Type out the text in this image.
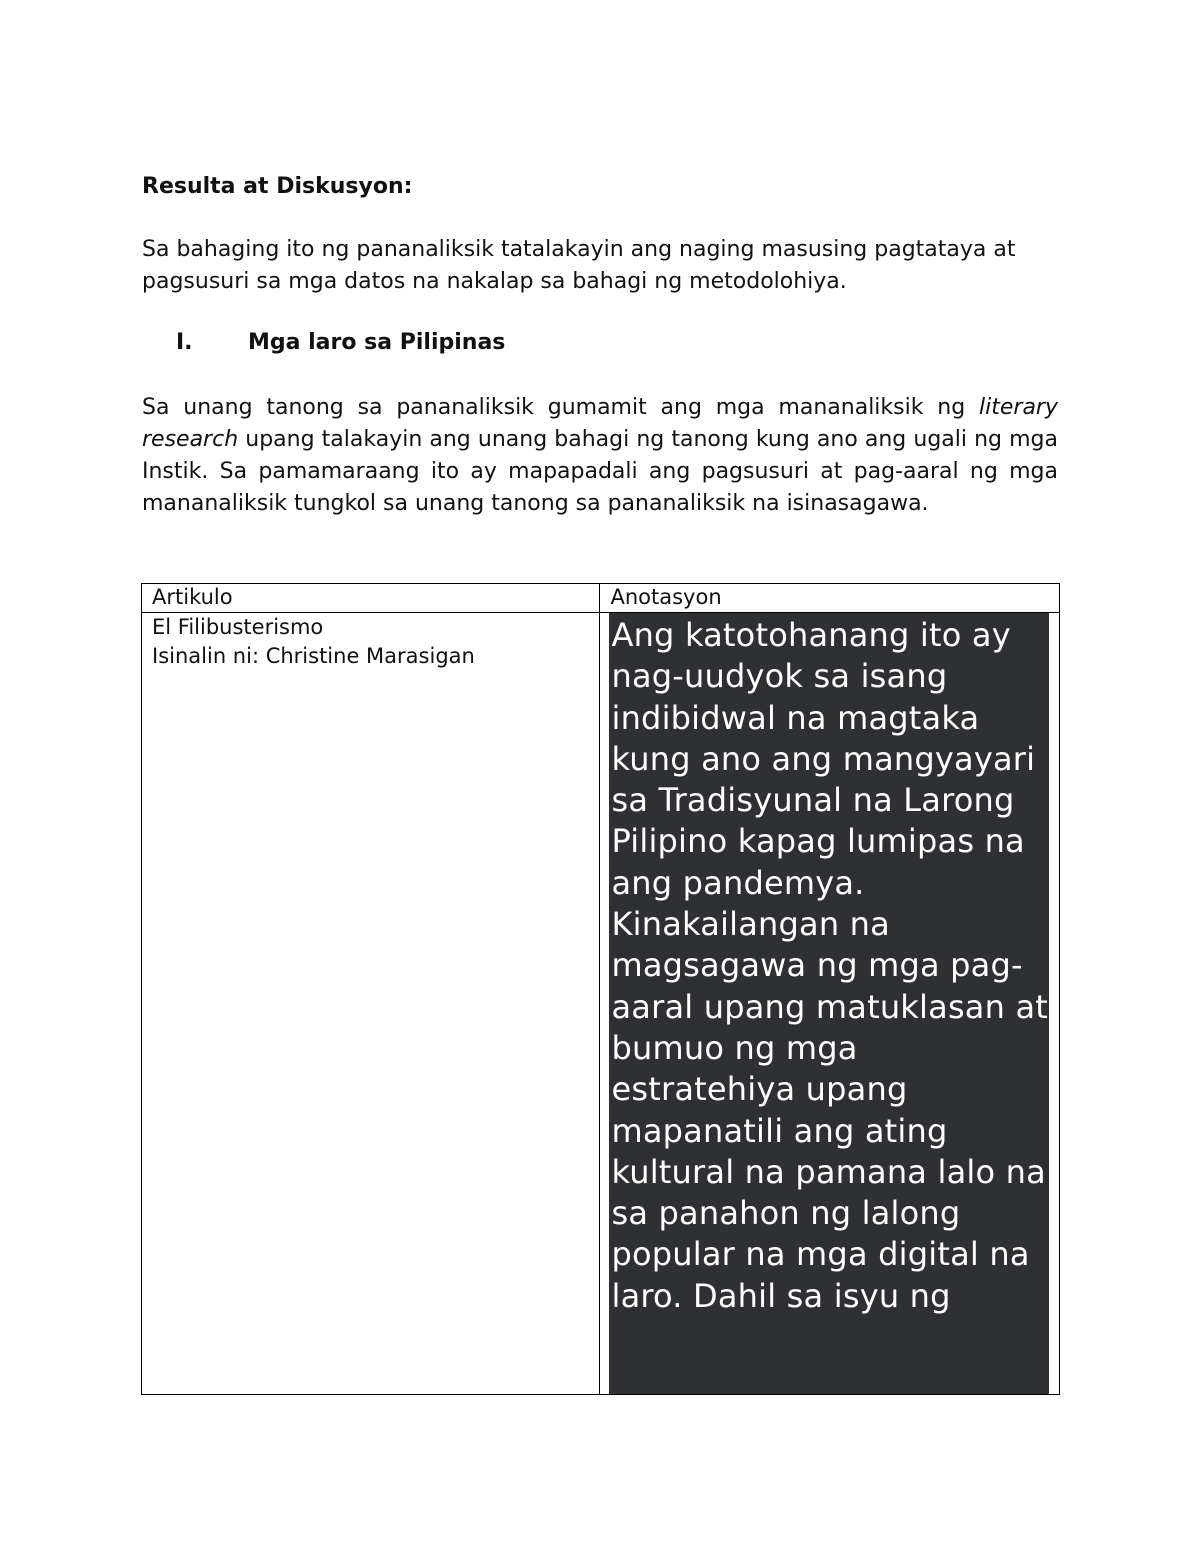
Resulta at Diskusyon:

Sa bahaging ito ng pananaliksik tatalakayin ang naging masusing pagtataya at pagsusuri sa mga datos na nakalap sa bahagi ng metodolohiya.

I.	Mga laro sa Pilipinas

Sa unang tanong sa pananaliksik gumamit ang mga mananaliksik ng literary research upang talakayin ang unang bahagi ng tanong kung ano ang ugali ng mga Instik. Sa pamamaraang ito ay mapapadali ang pagsusuri at pag-aaral ng mga mananaliksik tungkol sa unang tanong sa pananaliksik na isinasagawa.

Artikulo	Anotasyon

El Filibusterismo
Isinalin ni: Christine Marasigan	Ang katotohanang ito ay nag-uudyok sa isang indibidwal na magtaka kung ano ang mangyayari sa Tradisyunal na Larong Pilipino kapag lumipas na ang pandemya. Kinakailangan na magsagawa ng mga pag-aaral upang matuklasan at bumuo ng mga estratehiya upang mapanatili ang ating kultural na pamana lalo na sa panahon ng lalong popular na mga digital na laro. Dahil sa isyu ng
